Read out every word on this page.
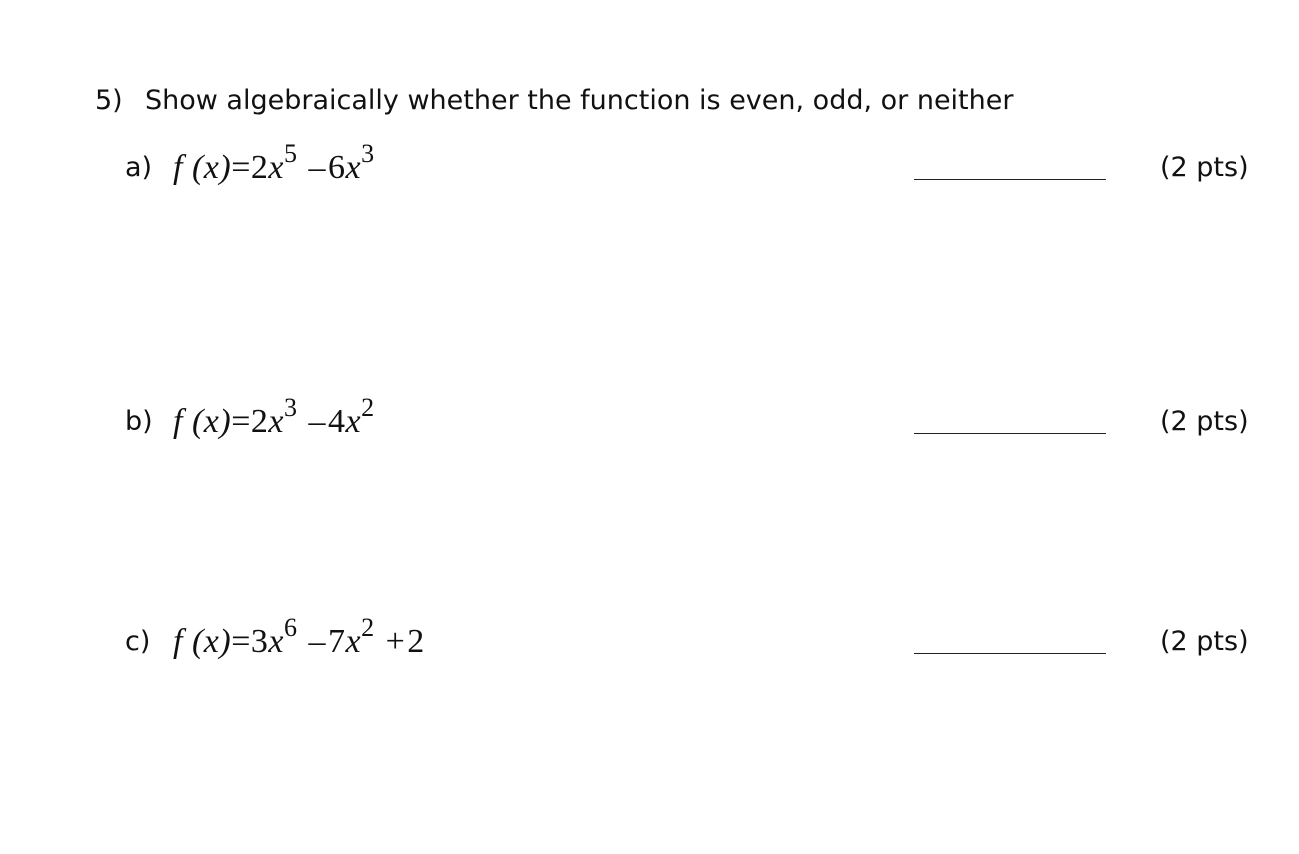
5) Show algebraically whether the function is even, odd, or neither
a) f $(x)=2x^5$ $-6x^3$	(2 pts)
b) f $(x)=2x^3$ $-4x^2$	(2 pts)
c) f $(x)=3x^6$ $-7x^2 +2$	(2 pts)
